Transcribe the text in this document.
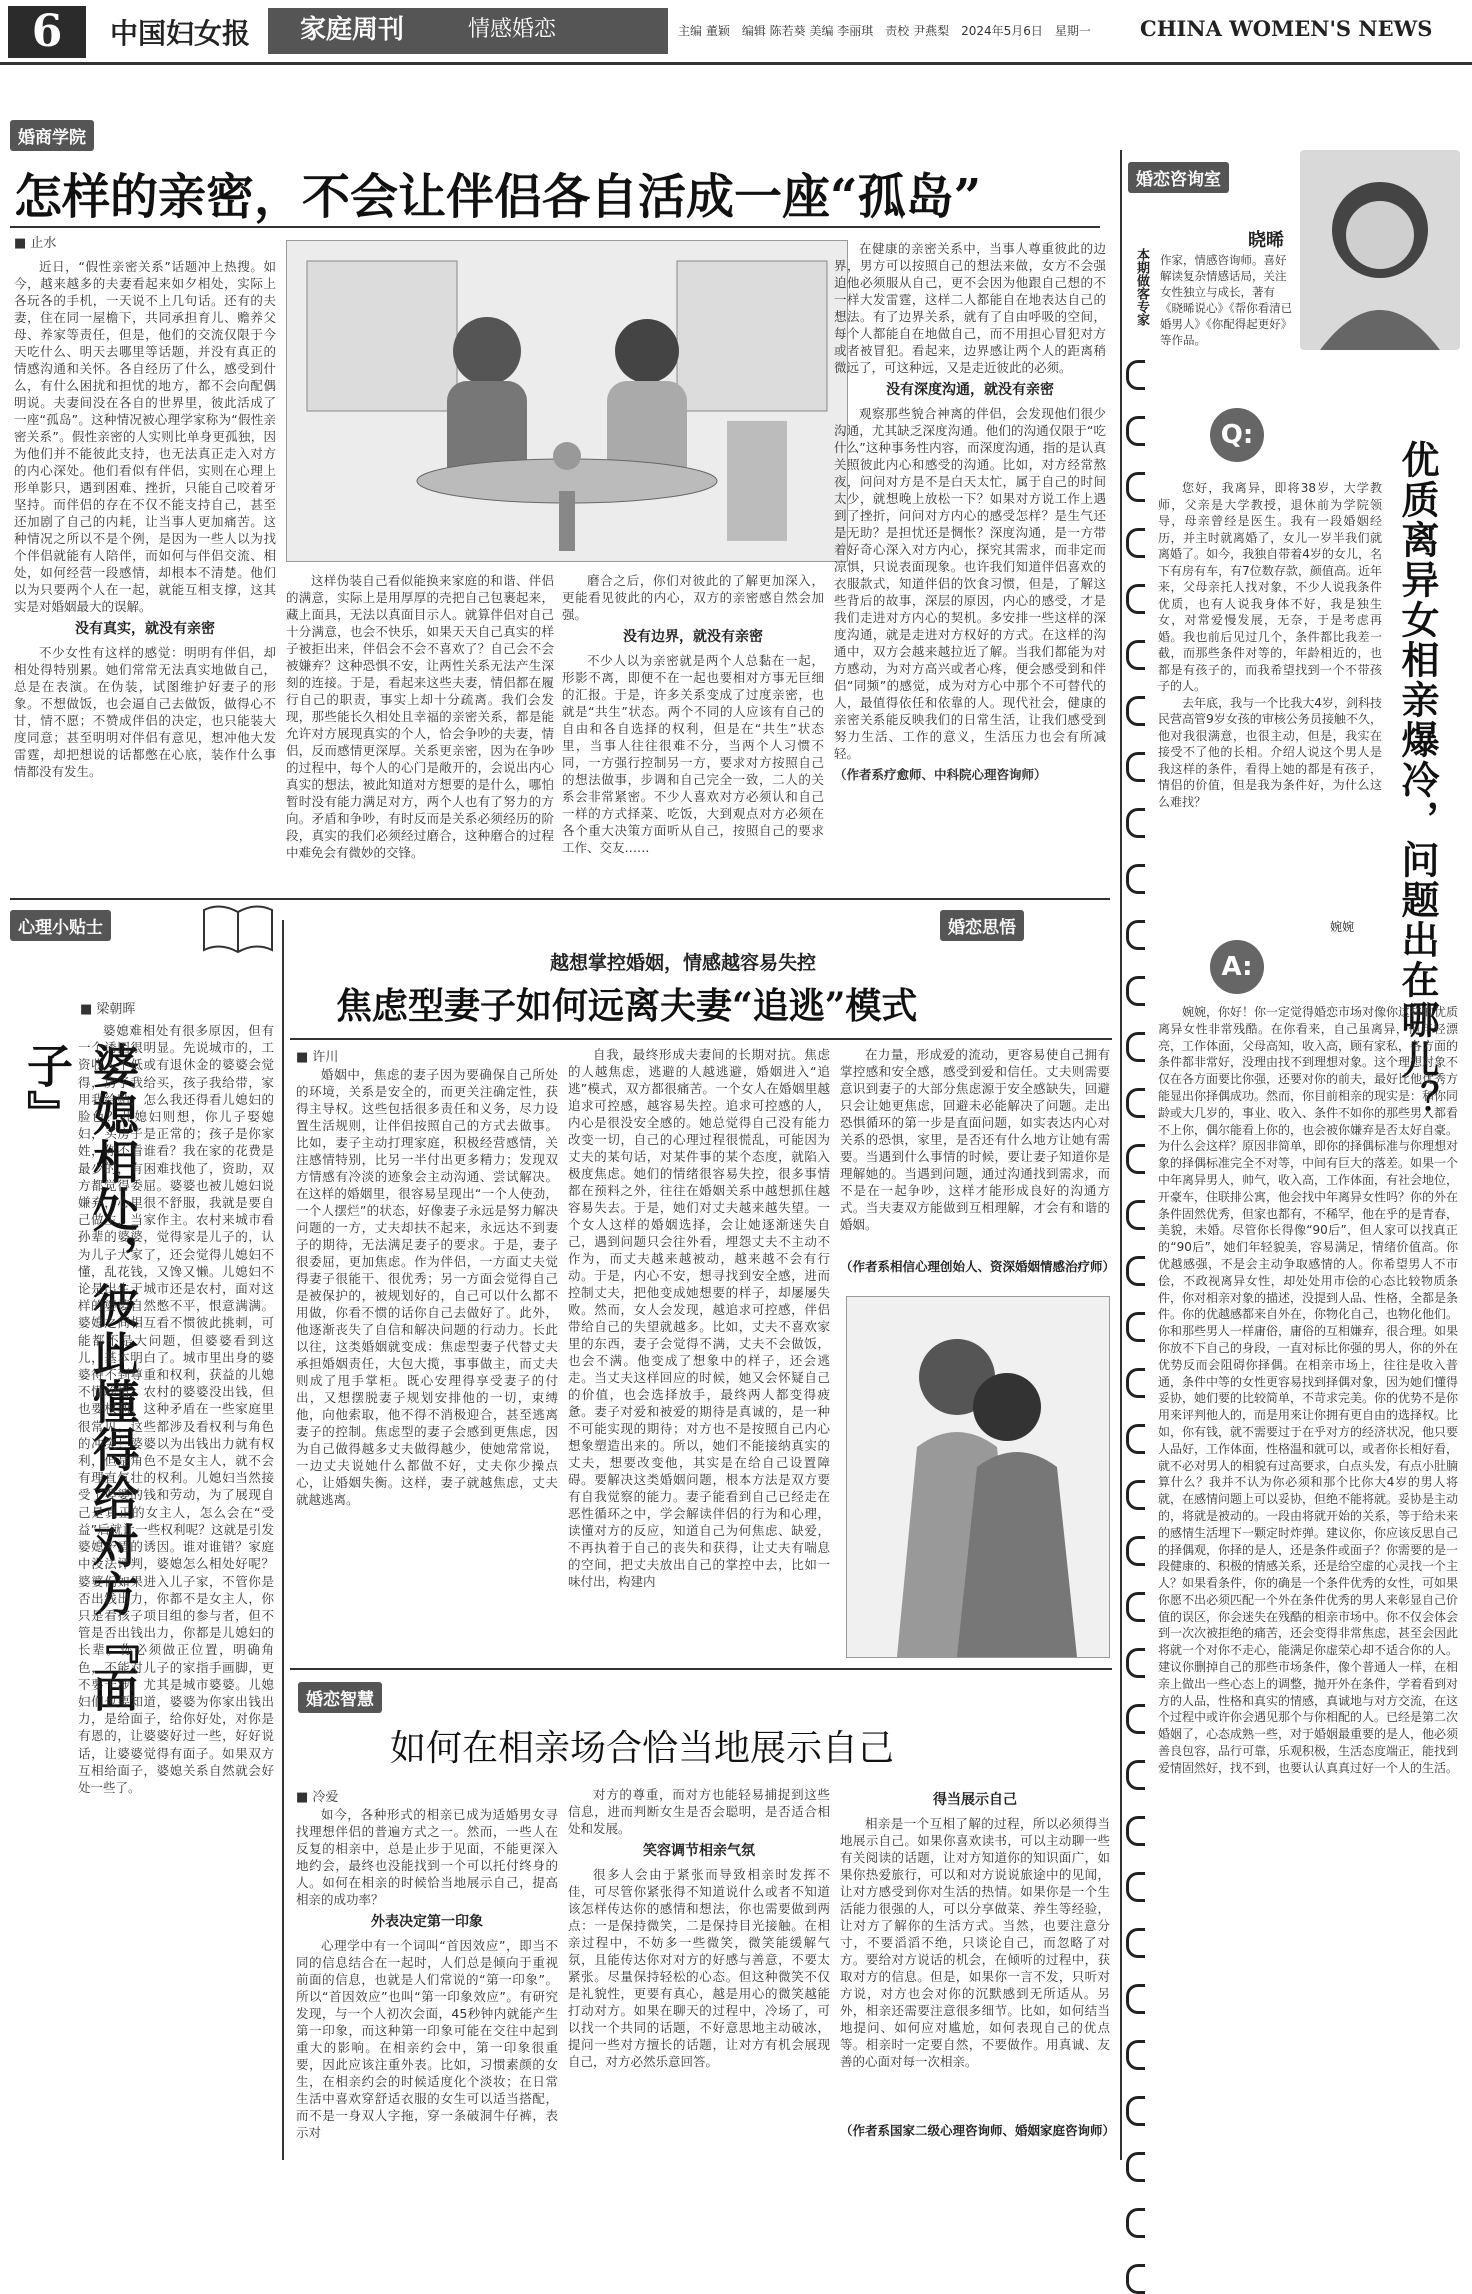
6	中国妇女报 家庭周刊	情感婚恋	主编 董颖　编辑 陈若葵 美编 李丽琪　责校 尹燕梨　2024年5月6日　星期一 CHINA WOMEN'S NEWS
婚商学院
怎样的亲密，不会让伴侣各自活成一座“孤岛”
■ 止水

近日，“假性亲密关系”话题冲上热搜。如今，越来越多的夫妻看起来如夕相处，实际上各玩各的手机，一天说不上几句话。还有的夫妻，住在同一屋檐下，共同承担育儿、赡养父母、养家等责任，但是，他们的交流仅限于今天吃什么、明天去哪里等话题，并没有真正的情感沟通和关怀。各自经历了什么，感受到什么，有什么困扰和担忧的地方，都不会向配偶明说。夫妻间没在各自的世界里，彼此活成了一座“孤岛”。这种情况被心理学家称为“假性亲密关系”。假性亲密的人实则比单身更孤独，因为他们并不能彼此支持，也无法真正走入对方的内心深处。他们看似有伴侣，实则在心理上形单影只，遇到困难、挫折，只能自己咬着牙坚持。而伴侣的存在不仅不能支持自己，甚至还加剧了自己的内耗，让当事人更加痛苦。这种情况之所以不是个例，是因为一些人以为找个伴侣就能有人陪伴，而如何与伴侣交流、相处，如何经营一段感情，却根本不清楚。他们以为只要两个人在一起，就能互相支撑，这其实是对婚姻最大的误解。

没有真实，就没有亲密

不少女性有这样的感觉：明明有伴侣，却相处得特别累。她们常常无法真实地做自己，总是在表演。在伪装，试图维护好妻子的形象。不想做饭，也会逼自己去做饭，做得心不甘，情不愿；不赞成伴侣的决定，也只能装大度同意；甚至明明对伴侣有意见，想冲他大发雷霆，却把想说的话都憋在心底，装作什么事情都没有发生。

这样伪装自己看似能换来家庭的和谐、伴侣的满意，实际上是用厚厚的壳把自己包裹起来，藏上面具，无法以真面目示人。就算伴侣对自己十分满意，也会不快乐，如果天天自己真实的样子被拒出来，伴侣会不会不喜欢了？自己会不会被嫌弃？这种恐惧不安，让两性关系无法产生深刻的连接。于是，看起来这些夫妻，情侣都在履行自己的职责，事实上却十分疏离。我们会发现，那些能长久相处且幸福的亲密关系，都是能允许对方展现真实的个人，恰会争吵的夫妻，情侣，反而感情更深厚。关系更亲密，因为在争吵的过程中，每个人的心门是敞开的，会说出内心真实的想法，被此知道对方想要的是什么，哪怕暂时没有能力满足对方，两个人也有了努力的方向。矛盾和争吵，有时反而是关系必须经历的阶段，真实的我们必须经过磨合，这种磨合的过程中难免会有微妙的交锋。

磨合之后，你们对彼此的了解更加深入，更能看见彼此的内心，双方的亲密感自然会加强。

没有边界，就没有亲密

不少人以为亲密就是两个人总黏在一起，形影不离，即便不在一起也要相对方事无巨细的汇报。于是，许多关系变成了过度亲密，也就是“共生”状态。两个不同的人应该有自己的自由和各自选择的权利，但是在“共生”状态里，当事人往往很难不分，当两个人习惯不同，一方强行控制另一方，要求对方按照自己的想法做事，步调和自己完全一致，二人的关系会非常紧密。不少人喜欢对方必须认和自己一样的方式择菜、吃饭，大到观点对方必须在各个重大决策方面听从自己，按照自己的要求工作、交友……

在健康的亲密关系中，当事人尊重彼此的边界，男方可以按照自己的想法来做，女方不会强迫他必须服从自己，更不会因为他跟自己想的不一样大发雷霆，这样二人都能自在地表达自己的想法。有了边界关系，就有了自由呼吸的空间，每个人都能自在地做自己，而不用担心冒犯对方或者被冒犯。看起来，边界感让两个人的距离稍微远了，可这种远，又是走近彼此的必须。

没有深度沟通，就没有亲密

观察那些貌合神离的伴侣，会发现他们很少沟通，尤其缺乏深度沟通。他们的沟通仅限于“吃什么”这种事务性内容，而深度沟通，指的是认真关照彼此内心和感受的沟通。比如，对方经常熬夜，问问对方是不是白天太忙，属于自己的时间太少，就想晚上放松一下？如果对方说工作上遇到了挫折，问问对方内心的感受怎样？是生气还是无助？是担忧还是惆怅？深度沟通，是一方带着好奇心深入对方内心，探究其需求，而非定而凉惧，只说表面现象。也许我们知道伴侣喜欢的衣服款式，知道伴侣的饮食习惯，但是，了解这些背后的故事，深层的原因，内心的感受，才是我们走进对方内心的契机。多安排一些这样的深度沟通，就是走进对方权好的方式。在这样的沟通中，双方会越来越拉近了解。当我们都能为对方感动，为对方高兴或者心疼，便会感受到和伴侣“同频”的感觉，成为对方心中那个不可替代的人，最值得依任和依靠的人。现代社会，健康的亲密关系能反映我们的日常生活，让我们感受到努力生活、工作的意义，生活压力也会有所减轻。

（作者系疗愈师、中科院心理咨询师）
婚恋咨询室
本期做客专家
晓晞
作家，情感咨询师。喜好解读复杂情感话局，关注女性独立与成长，著有《晓晞说心》《帮你看清已婚男人》《你配得起更好》等作品。
Q:

您好，我离异，即将38岁，大学教师，父亲是大学教授，退休前为学院领导，母亲曾经是医生。我有一段婚姻经历，并主时就离婚了，女儿一岁半我们就离婚了。如今，我独自带着4岁的女儿，名下有房有车，有7位数存款，颜值高。近年来，父母亲托人找对象，不少人说我条件优质，也有人说我身体不好，我是独生女，对常爱慢发展，无奈，于是考虑再婚。我也前后见过几个，条件都比我差一截，而那些条件对等的，年龄相近的，也都是有孩子的，而我希望找到一个不带孩子的人。

去年底，我与一个比我大4岁，剑科技民营高管9岁女孩的审核公务员接触不久，他对我很满意，也很主动，但是，我实在接受不了他的长相。介绍人说这个男人是我这样的条件，看得上她的都是有孩子，情侣的价值，但是我为条件好，为什么这么难找？

婉婉 优质离异女相亲爆冷，问题出在哪儿？
A:

婉婉，你好！你一定觉得婚恋市场对像你这样的优质离异女性非常残酷。在你看来，自己虽离异，但年轻漂亮，工作体面，父母高知，收入高，顾有家私，各方面的条件都非常好，没理由找不到理想对象。这个理想对象不仅在各方面要比你强，还要对你的前夫，最好比他优秀方能显出你择偶成功。然而，你目前相亲的现实是：和你同龄或大几岁的，事业、收入、条件不如你的那些男人都看不上你，偶尔能看上你的，也会被你嫌弃是否太好自豪。为什么会这样？原因非简单，即你的择偶标准与你理想对象的择偶标准完全不对等，中间有巨大的落差。如果一个中年离异男人，帅气，收入高，工作体面，有社会地位，开豪车，住联排公寓，他会找中年离异女性吗？你的外在条件固然优秀，但家也都有，不稀罕，他在乎的是青春，美貌，未婚。尽管你长得像“90后”，但人家可以找真正的“90后”，她们年轻貌美，容易满足，情绪价值高。你优越感强，不是会主动争取感情的人。你希望男人不市侩，不政视离异女性，却处处用市侩的心态比较物质条件，你对相亲对象的描述，没提到人品、性格，全都是条件。你的优越感都来自外在，你物化自己，也物化他们。你和那些男人一样庸俗，庸俗的互相嫌弃，很合理。如果你放不下自己的身段，一直对标比你强的男人，你的外在优势反而会阻碍你择偶。在相亲市场上，往往是收入普通，条件中等的女性更容易找到择偶对象，因为她们懂得妥协，她们要的比较简单，不苛求完美。你的优势不是你用来评判他人的，而是用来让你拥有更自由的选择权。比如，你有钱，就不需要过于在乎对方的经济状况，他只要人品好，工作体面，性格温和就可以，或者你长相好看，就不必对男人的相貌有过高要求，白点头发，有点小肚腩算什么？我并不认为你必须和那个比你大4岁的男人将就，在感情问题上可以妥协，但绝不能将就。妥协是主动的，将就是被动的。一段由将就开始的关系，等于给未来的感情生活埋下一颗定时炸弹。建议你，你应该反思自己的择偶观，你择的是人，还是条件或面子？你需要的是一段健康的、积极的情感关系，还是给空虚的心灵找一个主人？如果看条件，你的确是一个条件优秀的女性，可如果你愿不出必须匹配一个外在条件优秀的男人来彰显自己价值的误区，你会迷失在残酷的相亲市场中。你不仅会体会到一次次被拒绝的痛苦，还会变得非常焦虑，甚至会因此将就一个对你不走心，能满足你虚荣心却不适合你的人。建议你删掉自己的那些市场条件，像个普通人一样，在相亲上做出一些心态上的调整，抛开外在条件，学着看到对方的人品，性格和真实的情感，真诚地与对方交流，在这个过程中或许你会遇见那个与你相配的人。已经是第二次婚姻了，心态成熟一些，对于婚姻最重要的是人，他必须善良包容，品行可靠，乐观积极，生活态度端正，能找到爱情固然好，找不到，也要认认真真过好一个人的生活。

心理小贴士
■ 梁朝晖
婆媳相处，彼此懂得给对方『面子』

婆媳难相处有很多原因，但有一个诱因很明显。先说城市的，工资收入不低或有退休金的婆婆会觉得，房子我给买，孩子我给带，家用我给贴，怎么我还得看儿媳妇的脸色？儿媳妇则想，你儿子娶媳妇，买房子是正常的；孩子是你家姓，你不看谁看？我在家的花费是最少的，有困难找他了，资助，双方都觉得委屈。婆婆也被儿媳妇说嫌弃，心里很不舒服，我就是要自己做主，当家作主。农村来城市看孙辈的婆婆，觉得家是儿子的，认为儿子大家了，还会觉得儿媳妇不懂，乱花钱，又馋又懒。儿媳妇不论是出生于城市还是农村，面对这样的婆婆自然憋不平，恨意满满。婆媳之间相互看不惯彼此挑刺，可能都不是大问题，但婆婆看到这儿，基本明白了。城市里出身的婆婆待不到尊重和权利，获益的儿媳不懂珍惜。农村的婆婆没出钱，但也要权利。这种矛盾在一些家庭里很常见。这些都涉及看权利与角色的冲突！婆婆以为出钱出力就有权利，但是角色不是女主人，就不会有理直气壮的权利。儿媳妇当然接受了婆婆的钱和劳动，为了展现自己是真正的女主人，怎么会在“受益”后就让一些权利呢？这就是引发婆媳矛盾的诱因。谁对谁错？家庭中没法评判，婆媳怎么相处好呢？婆婆们如果进入儿子家，不管你是否出钱出力，你都不是女主人，你只是看孩子项目组的参与者，但不管是否出钱出力，你都是儿媳妇的长辈。你必须做正位置，明确角色，不能对儿子的家指手画脚，更不要干涉。尤其是城市婆婆。儿媳妇们也要知道，婆婆为你家出钱出力，是给面子，给你好处，对你是有恩的，让婆婆好过一些，好好说话，让婆婆觉得有面子。如果双方互相给面子，婆媳关系自然就会好处一些了。

婚恋思悟
越想掌控婚姻，情感越容易失控
焦虑型妻子如何远离夫妻“追逃”模式
■ 许川

婚姻中，焦虑的妻子因为要确保自己所处的环境，关系是安全的，而更关注确定性，获得主导权。这些包括很多责任和义务，尽力设置生活规则，让伴侣按照自己的方式去做事。比如，妻子主动打理家庭，积极经营感情，关注感情特别，比另一半付出更多精力；发现双方情感有冷淡的迹象会主动沟通、尝试解决。在这样的婚姻里，很容易呈现出“一个人使劲，一个人摆烂”的状态，好像妻子永远是努力解决问题的一方，丈夫却扶不起来，永远达不到妻子的期待，无法满足妻子的要求。于是，妻子很委屈，更加焦虑。作为伴侣，一方面丈夫觉得妻子很能干、很优秀；另一方面会觉得自己是被保护的，被规划好的，自己可以什么都不用做，你看不惯的话你自己去做好了。此外，他逐渐丧失了自信和解决问题的行动力。长此以往，这类婚姻就变成：焦虑型妻子代替丈夫承担婚姻责任，大包大揽，事事做主，而丈夫则成了甩手掌柜。既心安理得享受妻子的付出，又想摆脱妻子规划安排他的一切，束缚他，向他索取，他不得不消极迎合，甚至逃离妻子的控制。焦虑型的妻子会感到更焦虑，因为自己做得越多丈夫做得越少，使她常常说，一边丈夫说她什么都做不好，丈夫你少操点心，让婚姻失衡。这样，妻子就越焦虑，丈夫就越逃离。

自我，最终形成夫妻间的长期对抗。焦虑的人越焦虑，逃避的人越逃避，婚姻进入“追逃”模式，双方都很痛苦。一个女人在婚姻里越追求可控感，越容易失控。追求可控感的人，内心是很没安全感的。她总觉得自己没有能力改变一切，自己的心理过程很慌乱，可能因为丈夫的某句话，对某件事的某个态度，就陷入极度焦虑。她们的情绪很容易失控，很多事情都在预料之外，往往在婚姻关系中越想抓住越容易失去。于是，她们对丈夫越来越失望。一个女人这样的婚姻选择，会让她逐渐迷失自己，遇到问题只会往外看，埋怨丈夫不主动不作为，而丈夫越来越被动，越来越不会有行动。于是，内心不安，想寻找到安全感，进而控制丈夫，把他变成她想要的样子，却屡屡失败。然而，女人会发现，越追求可控感，伴侣带给自己的失望就越多。比如，丈夫不喜欢家里的东西，妻子会觉得不满，丈夫不会做饭，也会不满。他变成了想象中的样子，还会逃走。当丈夫这样回应的时候，她又会怀疑自己的价值，也会选择放手，最终两人都变得疲惫。妻子对爱和被爱的期待是真诚的，是一种不可能实现的期待；对方也不是按照自己内心想象塑造出来的。所以，她们不能接纳真实的丈夫，想要改变他，其实是在给自己设置障碍。要解决这类婚姻问题，根本方法是双方要有自我觉察的能力。妻子能看到自己已经走在恶性循环之中，学会解读伴侣的行为和心理，读懂对方的反应，知道自己为何焦虑、缺爱，不再执着于自己的丧失和获得，让丈夫有喘息的空间，把丈夫放出自己的掌控中去，比如一味付出，构建内

在力量，形成爱的流动，更容易使自己拥有掌控感和安全感，感受到爱和信任。丈夫则需要意识到妻子的大部分焦虑源于安全感缺失，回避只会让她更焦虑，回避未必能解决了问题。走出恐惧循环的第一步是直面问题，如实表达内心对关系的恐惧，家里，是否还有什么地方让她有需要。当遇到什么事情的时候，要让妻子知道你是理解她的。当遇到问题，通过沟通找到需求，而不是在一起争吵，这样才能形成良好的沟通方式。当夫妻双方能做到互相理解，才会有和谐的婚姻。

（作者系相信心理创始人、资深婚姻情感治疗师）
婚恋智慧
如何在相亲场合恰当地展示自己
■ 冷爱

如今，各种形式的相亲已成为适婚男女寻找理想伴侣的普遍方式之一。然而，一些人在反复的相亲中，总是止步于见面，不能更深入地约会，最终也没能找到一个可以托付终身的人。如何在相亲的时候恰当地展示自己，提高相亲的成功率？

外表决定第一印象

心理学中有一个词叫“首因效应”，即当不同的信息结合在一起时，人们总是倾向于重视前面的信息，也就是人们常说的“第一印象”。所以“首因效应”也叫“第一印象效应”。有研究发现，与一个人初次会面，45秒钟内就能产生第一印象，而这种第一印象可能在交往中起到重大的影响。在相亲约会中，第一印象很重要，因此应该注重外表。比如，习惯素颜的女生，在相亲约会的时候适度化个淡妆；在日常生活中喜欢穿舒适衣服的女生可以适当搭配，而不是一身双人字拖，穿一条破洞牛仔裤，表示对

对方的尊重，而对方也能轻易捕捉到这些信息，进而判断女生是否会聪明，是否适合相处和发展。

笑容调节相亲气氛

很多人会由于紧张而导致相亲时发挥不佳，可尽管你紧张得不知道说什么或者不知道该怎样传达你的感情和想法，你也需要做到两点：一是保持微笑，二是保持目光接触。在相亲过程中，不妨多一些微笑，微笑能缓解气氛，且能传达你对对方的好感与善意，不要太紧张。尽量保持轻松的心态。但这种微笑不仅是礼貌性，更要有真心，越是用心的微笑越能打动对方。如果在聊天的过程中，冷场了，可以找一个共同的话题，不好意思地主动破冰，提问一些对方擅长的话题，让对方有机会展现自己，对方必然乐意回答。

得当展示自己

相亲是一个互相了解的过程，所以必须得当地展示自己。如果你喜欢读书，可以主动聊一些有关阅读的话题，让对方知道你的知识面广，如果你热爱旅行，可以和对方说说旅途中的见闻，让对方感受到你对生活的热情。如果你是一个生活能力很强的人，可以分享做菜、养生等经验，让对方了解你的生活方式。当然，也要注意分寸，不要滔滔不绝，只谈论自己，而忽略了对方。要给对方说话的机会，在倾听的过程中，获取对方的信息。但是，如果你一言不发，只听对方说，对方也会对你的沉默感到无所适从。另外，相亲还需要注意很多细节。比如，如何结当地提问、如何应对尴尬，如何表现自己的优点等。相亲时一定要自然，不要做作。用真诚、友善的心面对每一次相亲。

（作者系国家二级心理咨询师、婚姻家庭咨询师）
